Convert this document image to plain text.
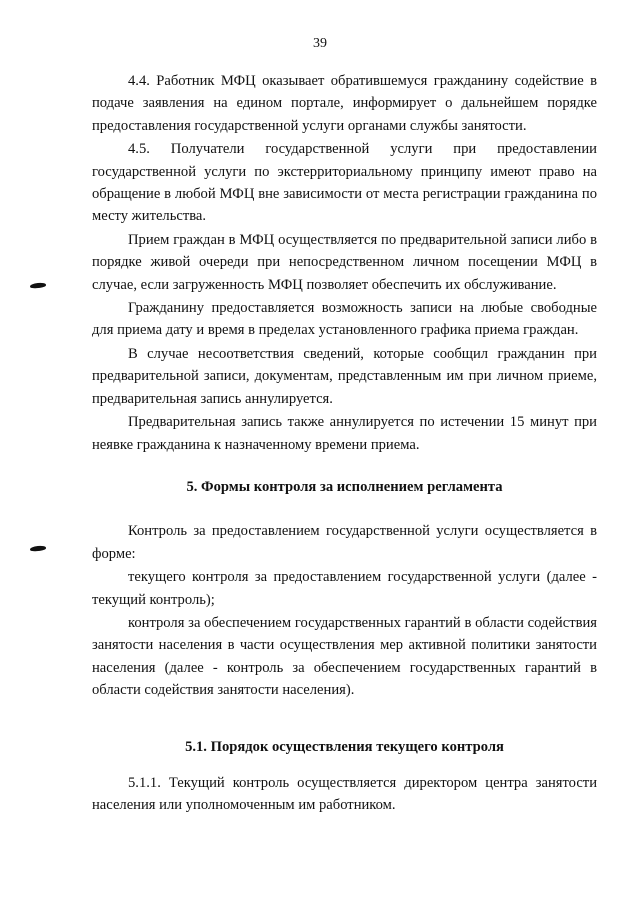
39

4.4. Работник МФЦ оказывает обратившемуся гражданину содействие в подаче заявления на едином портале, информирует о дальнейшем порядке предоставления государственной услуги органами службы занятости.

4.5. Получатели государственной услуги при предоставлении государственной услуги по экстерриториальному принципу имеют право на обращение в любой МФЦ вне зависимости от места регистрации гражданина по месту жительства.

Прием граждан в МФЦ осуществляется по предварительной записи либо в порядке живой очереди при непосредственном личном посещении МФЦ в случае, если загруженность МФЦ позволяет обеспечить их обслуживание.

Гражданину предоставляется возможность записи на любые свободные для приема дату и время в пределах установленного графика приема граждан.

В случае несоответствия сведений, которые сообщил гражданин при предварительной записи, документам, представленным им при личном приеме, предварительная запись аннулируется.

Предварительная запись также аннулируется по истечении 15 минут при неявке гражданина к назначенному времени приема.

5. Формы контроля за исполнением регламента

Контроль за предоставлением государственной услуги осуществляется в форме:

текущего контроля за предоставлением государственной услуги (далее - текущий контроль);

контроля за обеспечением государственных гарантий в области содействия занятости населения в части осуществления мер активной политики занятости населения (далее - контроль за обеспечением государственных гарантий в области содействия занятости населения).

5.1. Порядок осуществления текущего контроля

5.1.1. Текущий контроль осуществляется директором центра занятости населения или уполномоченным им работником.
